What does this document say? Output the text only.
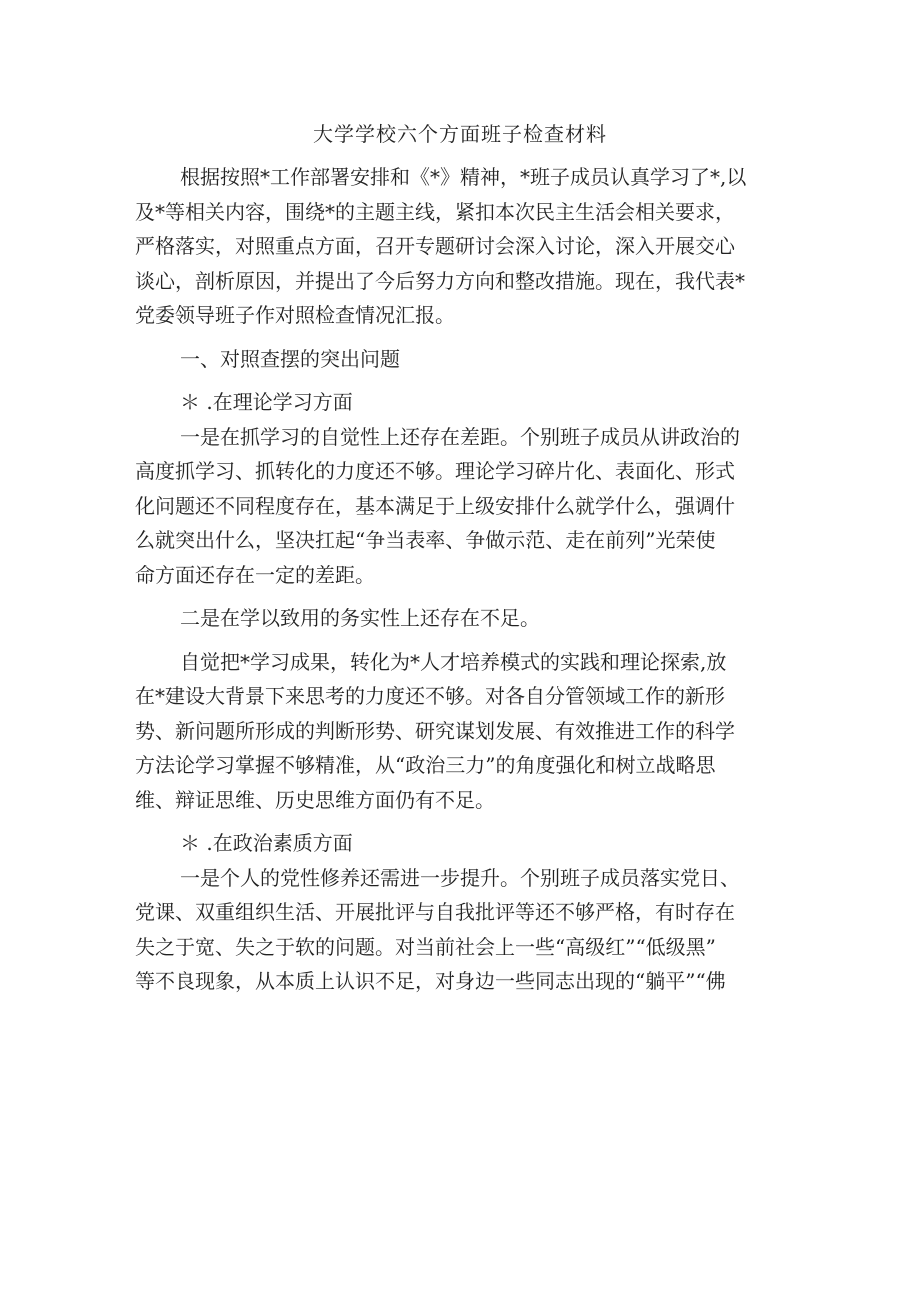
大学学校六个方面班子检查材料
根据按照*工作部署安排和《*》精神，*班子成员认真学习了*,以
及*等相关内容，围绕*的主题主线，紧扣本次民主生活会相关要求，
严格落实，对照重点方面，召开专题研讨会深入讨论，深入开展交心
谈心，剖析原因，并提出了今后努力方向和整改措施。现在，我代表*
党委领导班子作对照检查情况汇报。
一、对照查摆的突出问题
＊ .在理论学习方面
一是在抓学习的自觉性上还存在差距。个别班子成员从讲政治的
高度抓学习、抓转化的力度还不够。理论学习碎片化、表面化、形式
化问题还不同程度存在，基本满足于上级安排什么就学什么，强调什
么就突出什么，坚决扛起“争当表率、争做示范、走在前列”光荣使
命方面还存在一定的差距。
二是在学以致用的务实性上还存在不足。
自觉把*学习成果，转化为*人才培养模式的实践和理论探索,放
在*建设大背景下来思考的力度还不够。对各自分管领域工作的新形
势、新问题所形成的判断形势、研究谋划发展、有效推进工作的科学
方法论学习掌握不够精准，从“政治三力”的角度强化和树立战略思
维、辩证思维、历史思维方面仍有不足。
＊ .在政治素质方面
一是个人的党性修养还需进一步提升。个别班子成员落实党日、
党课、双重组织生活、开展批评与自我批评等还不够严格，有时存在
失之于宽、失之于软的问题。对当前社会上一些“高级红”“低级黑”
等不良现象，从本质上认识不足，对身边一些同志出现的“躺平”“佛
